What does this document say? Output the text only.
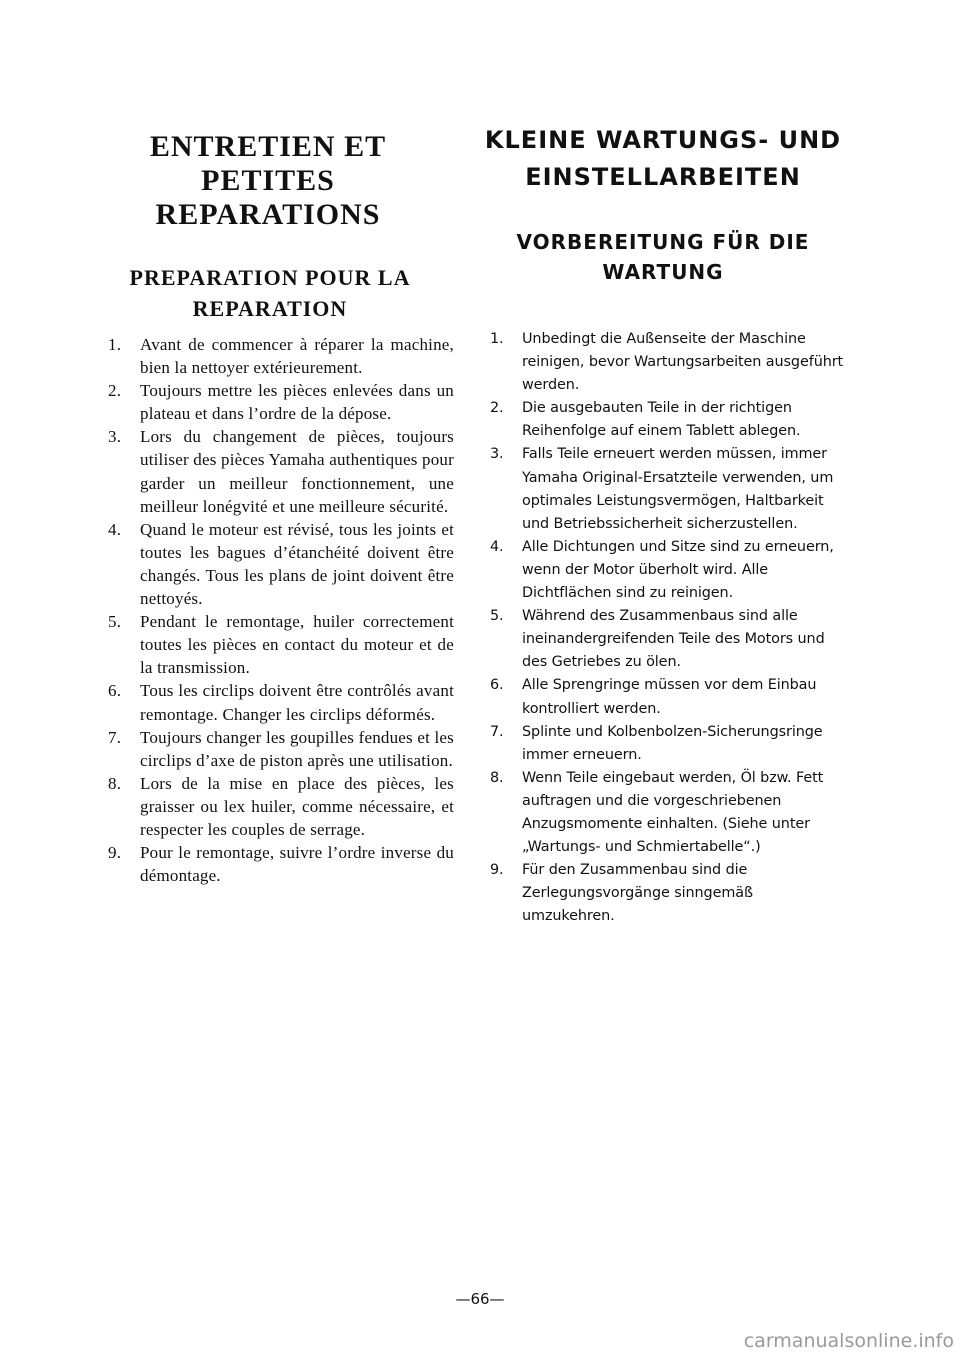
ENTRETIEN ET
PETITES
REPARATIONS
PREPARATION POUR LA
REPARATION
1.	Avant de commencer à réparer la machine, bien la nettoyer extérieurement.
2.	Toujours mettre les pièces enlevées dans un plateau et dans l’ordre de la dépose.
3.	Lors du changement de pièces, toujours utiliser des pièces Yamaha authentiques pour garder un meilleur fonctionnement, une meilleur lonégvité et une meilleure sécurité.
4.	Quand le moteur est révisé, tous les joints et toutes les bagues d’étanchéité doivent être changés. Tous les plans de joint doivent être nettoyés.
5.	Pendant le remontage, huiler correctement toutes les pièces en contact du moteur et de la transmission.
6.	Tous les circlips doivent être contrôlés avant remontage. Changer les circlips déformés.
7.	Toujours changer les goupilles fendues et les circlips d’axe de piston après une utilisation.
8.	Lors de la mise en place des pièces, les graisser ou lex huiler, comme nécessaire, et respecter les couples de serrage.
9.	Pour le remontage, suivre l’ordre inverse du démontage.
KLEINE WARTUNGS- UND
EINSTELLARBEITEN
VORBEREITUNG FÜR DIE
WARTUNG
1.	Unbedingt die Außenseite der Maschine reinigen, bevor Wartungsarbeiten ausgeführt werden.
2.	Die ausgebauten Teile in der richtigen Reihenfolge auf einem Tablett ablegen.
3.	Falls Teile erneuert werden müssen, immer Yamaha Original-Ersatzteile verwenden, um optimales Leistungsvermögen, Haltbarkeit und Betriebssicherheit sicherzustellen.
4.	Alle Dichtungen und Sitze sind zu erneuern, wenn der Motor überholt wird. Alle Dichtflächen sind zu reinigen.
5.	Während des Zusammenbaus sind alle ineinandergreifenden Teile des Motors und des Getriebes zu ölen.
6.	Alle Sprengringe müssen vor dem Einbau kontrolliert werden.
7.	Splinte und Kolbenbolzen-Sicherungsringe immer erneuern.
8.	Wenn Teile eingebaut werden, Öl bzw. Fett auftragen und die vorgeschriebenen Anzugsmomente einhalten. (Siehe unter „Wartungs- und Schmiertabelle“.)
9.	Für den Zusammenbau sind die Zerlegungsvorgänge sinngemäß umzukehren.
—66—
carmanualsonline.info
